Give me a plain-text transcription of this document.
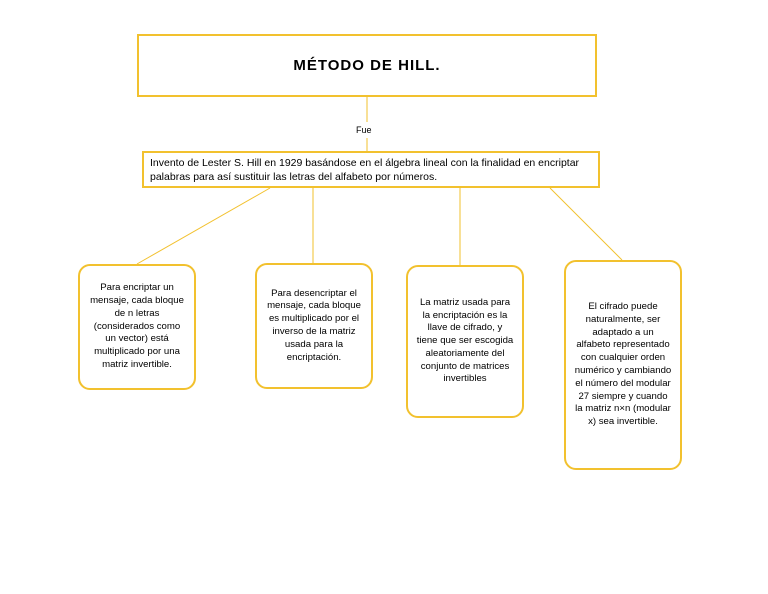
MÉTODO DE HILL.
Fue
Invento de Lester S. Hill en 1929 basándose en el álgebra lineal con la finalidad en encriptar palabras para así sustituir las letras del alfabeto por números.
Para encriptar un mensaje, cada bloque de n letras (considerados como un vector) está multiplicado por una matriz invertible.
Para desencriptar el mensaje, cada bloque es multiplicado por el inverso de la matriz usada para la encriptación.
La matriz usada para la encriptación es la llave de cifrado, y tiene que ser escogida aleatoriamente del conjunto de matrices invertibles
El cifrado puede naturalmente, ser adaptado a un alfabeto representado con cualquier orden numérico y cambiando el número del modular 27 siempre y cuando la matriz n×n (modular x) sea invertible.
